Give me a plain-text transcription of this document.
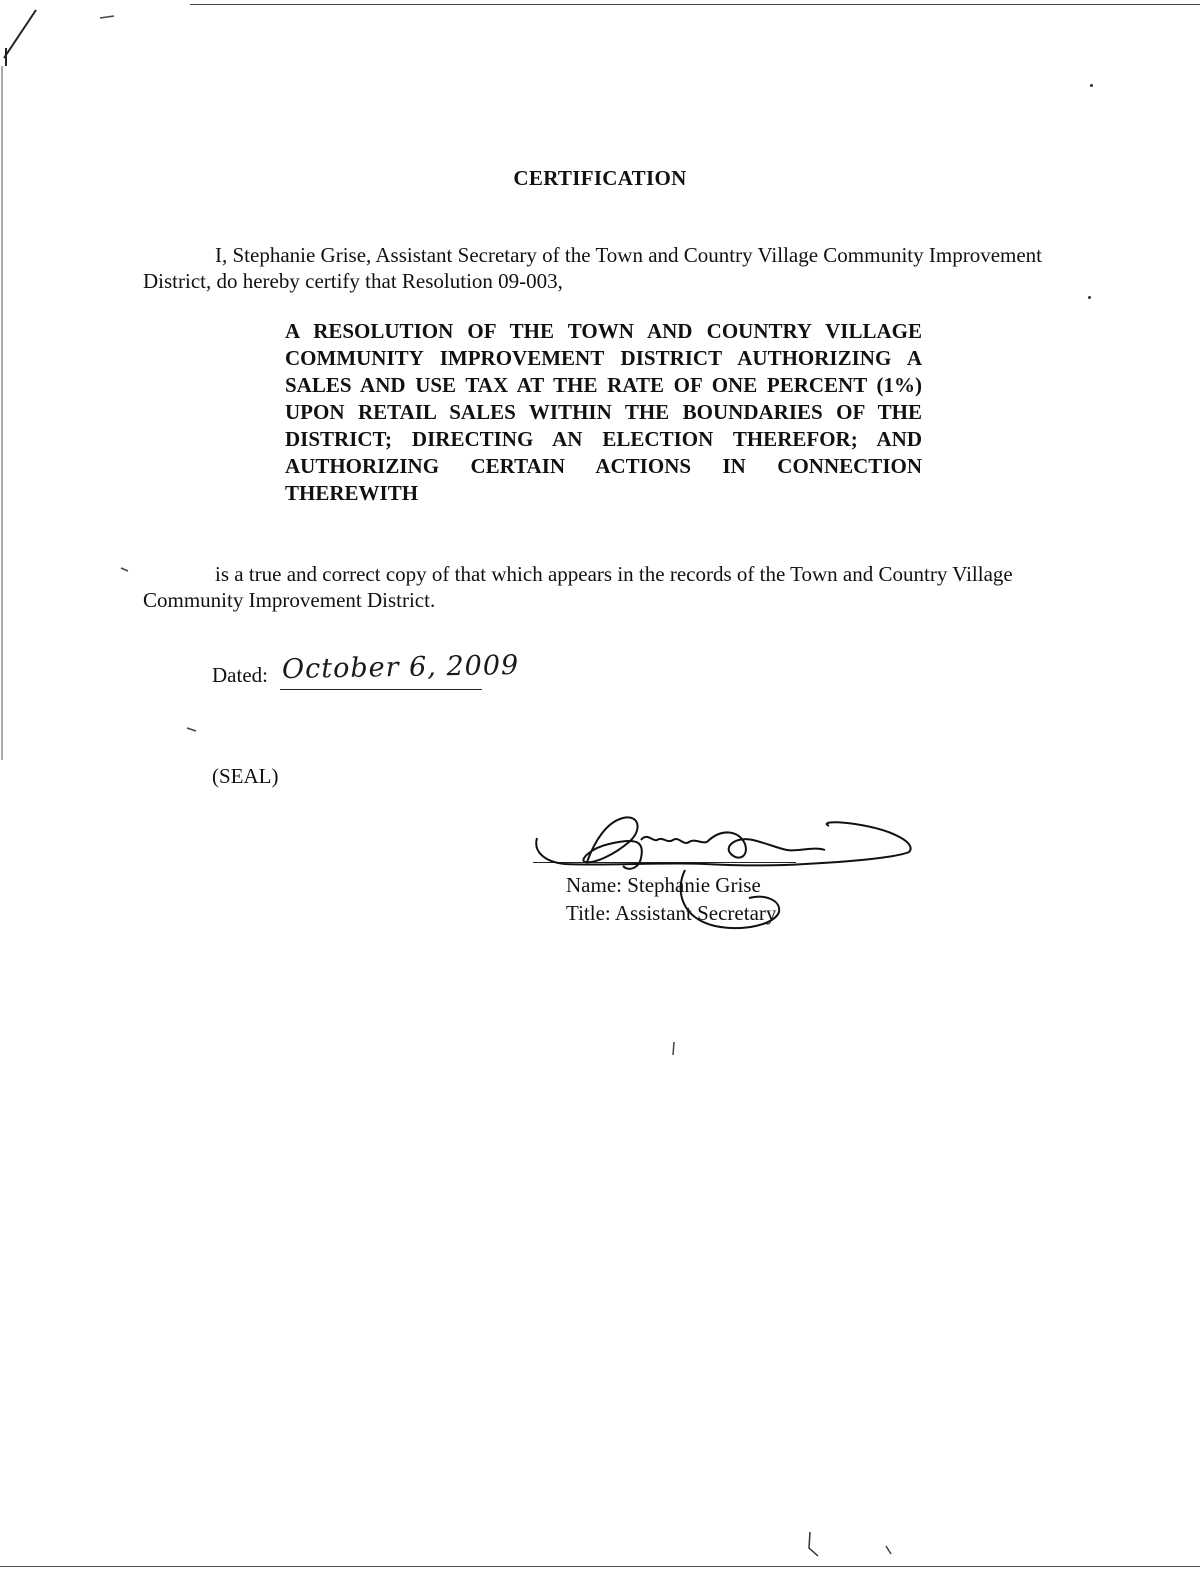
CERTIFICATION
I, Stephanie Grise, Assistant Secretary of the Town and Country Village Community Improvement District, do hereby certify that Resolution 09-003,
A RESOLUTION OF THE TOWN AND COUNTRY VILLAGE COMMUNITY IMPROVEMENT DISTRICT AUTHORIZING A SALES AND USE TAX AT THE RATE OF ONE PERCENT (1%) UPON RETAIL SALES WITHIN THE BOUNDARIES OF THE DISTRICT; DIRECTING AN ELECTION THEREFOR; AND AUTHORIZING CERTAIN ACTIONS IN CONNECTION THEREWITH
is a true and correct copy of that which appears in the records of the Town and Country Village Community Improvement District.
Dated: October 6, 2009
(SEAL)
Name: Stephanie Grise
Title: Assistant Secretary
